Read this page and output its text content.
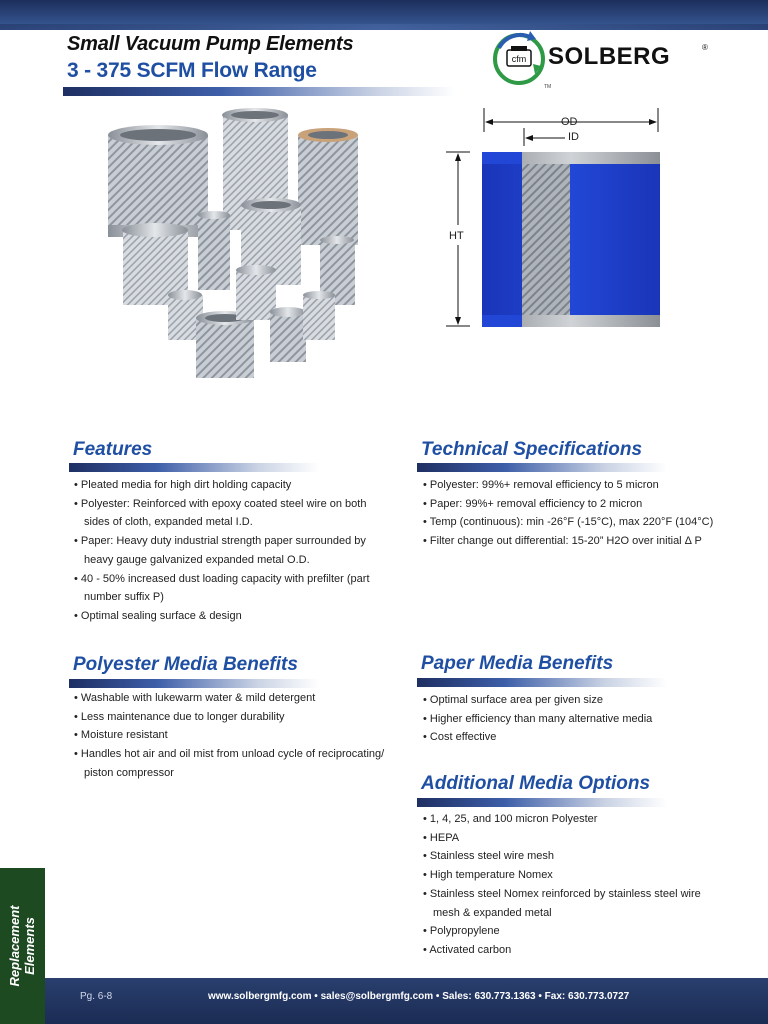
Small Vacuum Pump Elements
3 - 375 SCFM Flow Range	cfm
TM
SOLBERG	®
OD
ID
HT
Features
• Pleated media for high dirt holding capacity
• Polyester: Reinforced with epoxy coated steel wire on both sides of cloth, expanded metal I.D.
• Paper: Heavy duty industrial strength paper surrounded by heavy gauge galvanized expanded metal O.D.
• 40 - 50% increased dust loading capacity with prefilter (part number suffix P)
• Optimal sealing surface & design
Technical Specifications
• Polyester: 99%+ removal efficiency to 5 micron
• Paper: 99%+ removal efficiency to 2 micron
• Temp (continuous): min -26°F (-15°C), max 220°F (104°C)
• Filter change out differential: 15-20” H2O over initial Δ P
Polyester Media Benefits
• Washable with lukewarm water & mild detergent
• Less maintenance due to longer durability
• Moisture resistant
• Handles hot air and oil mist from unload cycle of reciprocating/ piston compressor
Paper Media Benefits
• Optimal surface area per given size
• Higher efficiency than many alternative media
• Cost effective
Additional Media Options
• 1, 4, 25, and 100 micron Polyester
• HEPA
• Stainless steel wire mesh
• High temperature Nomex
• Stainless steel Nomex reinforced by stainless steel wire mesh & expanded metal
• Polypropylene
• Activated carbon
Replacement Elements
Pg. 6-8	www.solbergmfg.com • sales@solbergmfg.com • Sales: 630.773.1363 • Fax: 630.773.0727
